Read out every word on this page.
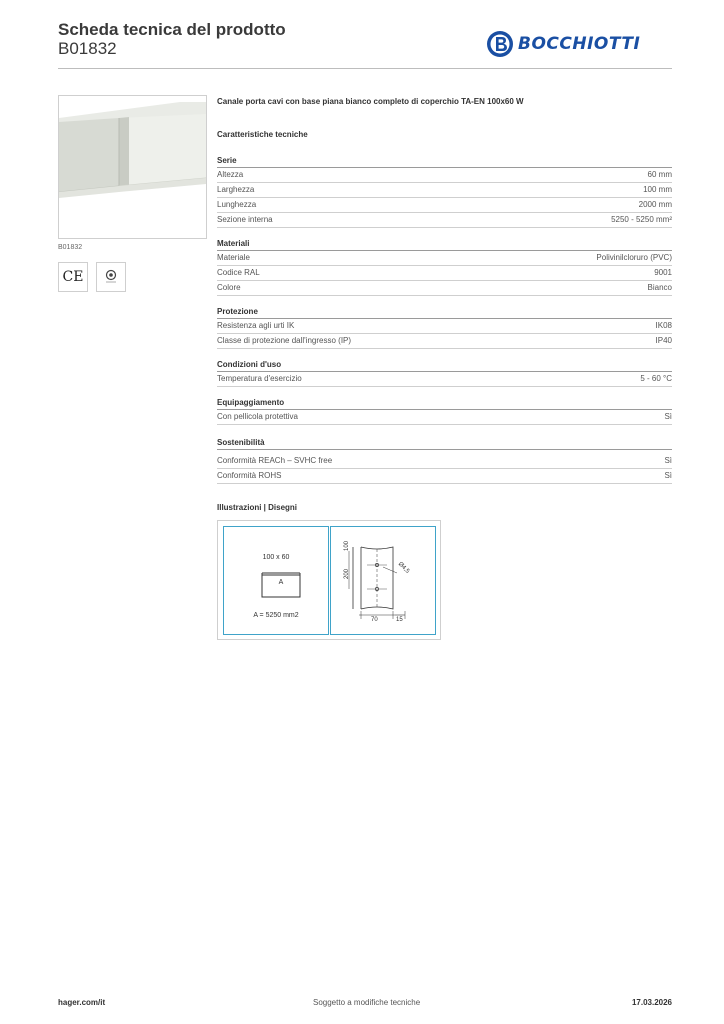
Scheda tecnica del prodotto
B01832	BOCCHIOTTI
B01832
CE
Canale porta cavi con base piana bianco completo di coperchio TA-EN 100x60 W
Caratteristiche tecniche
Serie
Altezza	60 mm
Larghezza	100 mm
Lunghezza	2000 mm
Sezione interna	5250 - 5250 mm²
Materiali
Materiale	Polivinilcloruro (PVC)
Codice RAL	9001
Colore	Bianco
Protezione
Resistenza agli urti IK	IK08
Classe di protezione dall'ingresso (IP)	IP40
Condizioni d'uso
Temperatura d'esercizio	5 - 60 °C
Equipaggiamento
Con pellicola protettiva	Sì
Sostenibilità
Conformità REACh – SVHC free	Sì
Conformità ROHS	Sì
Illustrazioni | Disegni
100 x 60
A
A = 5250 mm2
100
200	Ø4,5
70	15
hager.com/it	Soggetto a modifiche tecniche	17.03.2026
